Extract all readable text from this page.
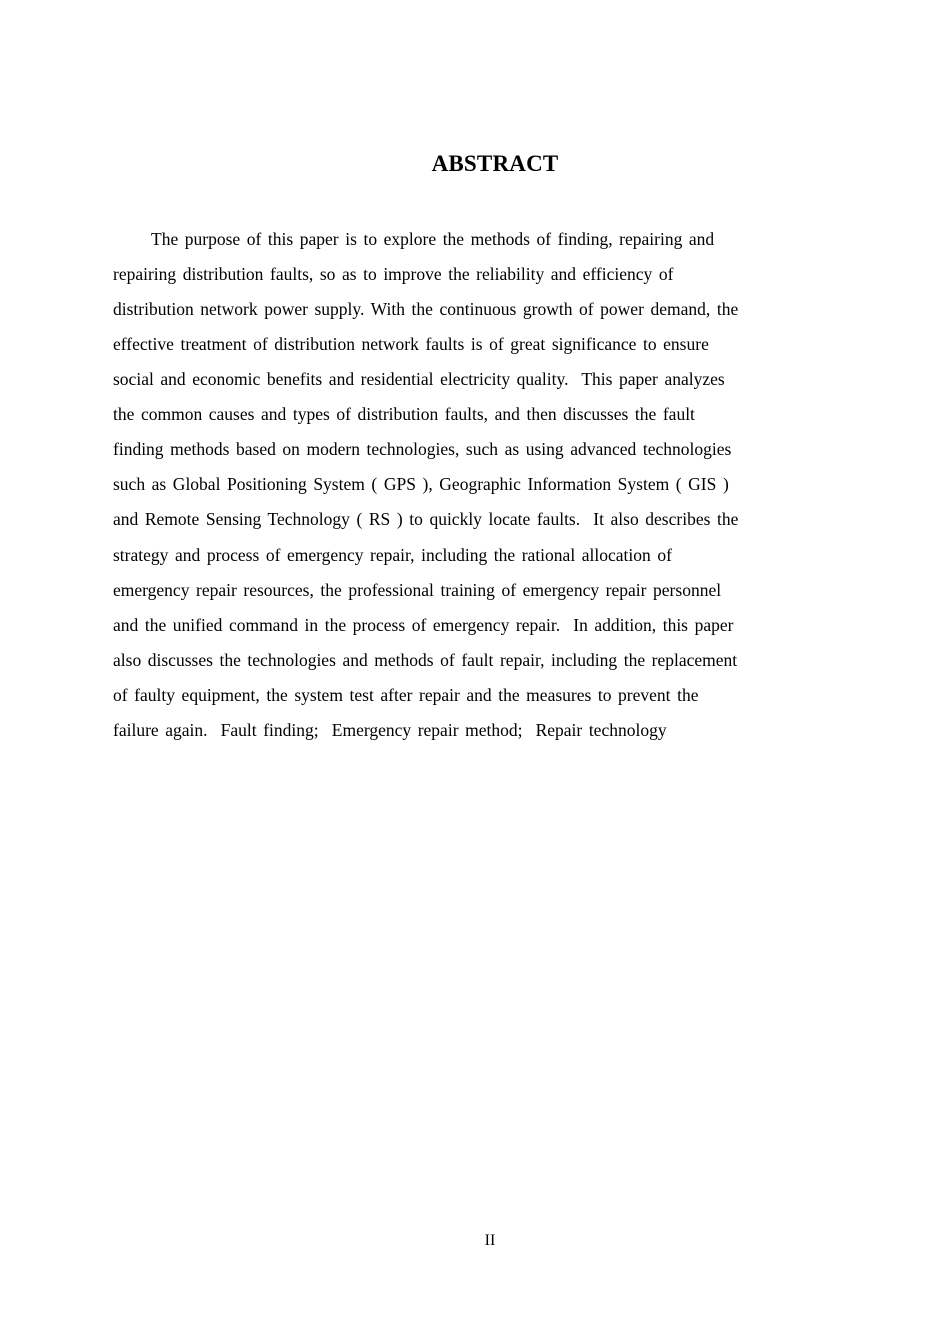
ABSTRACT
The purpose of this paper is to explore the methods of finding, repairing and
repairing distribution faults, so as to improve the reliability and efficiency of
distribution network power supply. With the continuous growth of power demand, the
effective treatment of distribution network faults is of great significance to ensure
social and economic benefits and residential electricity quality.  This paper analyzes
the common causes and types of distribution faults, and then discusses the fault
finding methods based on modern technologies, such as using advanced technologies
such as Global Positioning System ( GPS ), Geographic Information System ( GIS )
and Remote Sensing Technology ( RS ) to quickly locate faults.  It also describes the
strategy and process of emergency repair, including the rational allocation of
emergency repair resources, the professional training of emergency repair personnel
and the unified command in the process of emergency repair.  In addition, this paper
also discusses the technologies and methods of fault repair, including the replacement
of faulty equipment, the system test after repair and the measures to prevent the
failure again.  Fault finding;  Emergency repair method;  Repair technology
II
